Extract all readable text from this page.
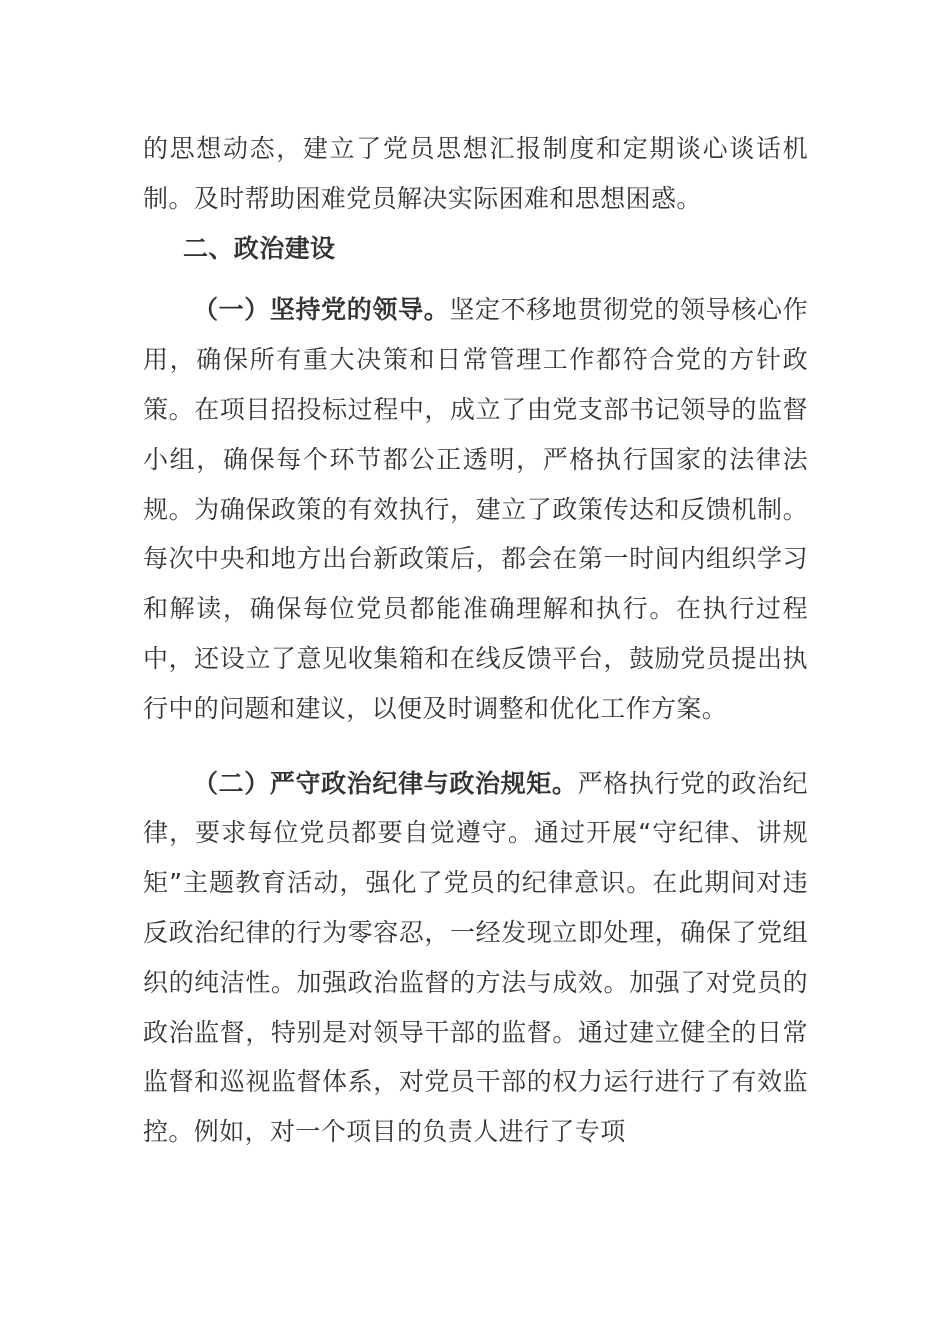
的思想动态，建立了党员思想汇报制度和定期谈心谈话机制。及时帮助困难党员解决实际困难和思想困惑。

二、政治建设

（一）坚持党的领导。坚定不移地贯彻党的领导核心作用，确保所有重大决策和日常管理工作都符合党的方针政策。在项目招投标过程中，成立了由党支部书记领导的监督小组，确保每个环节都公正透明，严格执行国家的法律法规。为确保政策的有效执行，建立了政策传达和反馈机制。每次中央和地方出台新政策后，都会在第一时间内组织学习和解读，确保每位党员都能准确理解和执行。在执行过程中，还设立了意见收集箱和在线反馈平台，鼓励党员提出执行中的问题和建议，以便及时调整和优化工作方案。

（二）严守政治纪律与政治规矩。严格执行党的政治纪律，要求每位党员都要自觉遵守。通过开展“守纪律、讲规矩”主题教育活动，强化了党员的纪律意识。在此期间对违反政治纪律的行为零容忍，一经发现立即处理，确保了党组织的纯洁性。加强政治监督的方法与成效。加强了对党员的政治监督，特别是对领导干部的监督。通过建立健全的日常监督和巡视监督体系，对党员干部的权力运行进行了有效监控。例如，对一个项目的负责人进行了专项
